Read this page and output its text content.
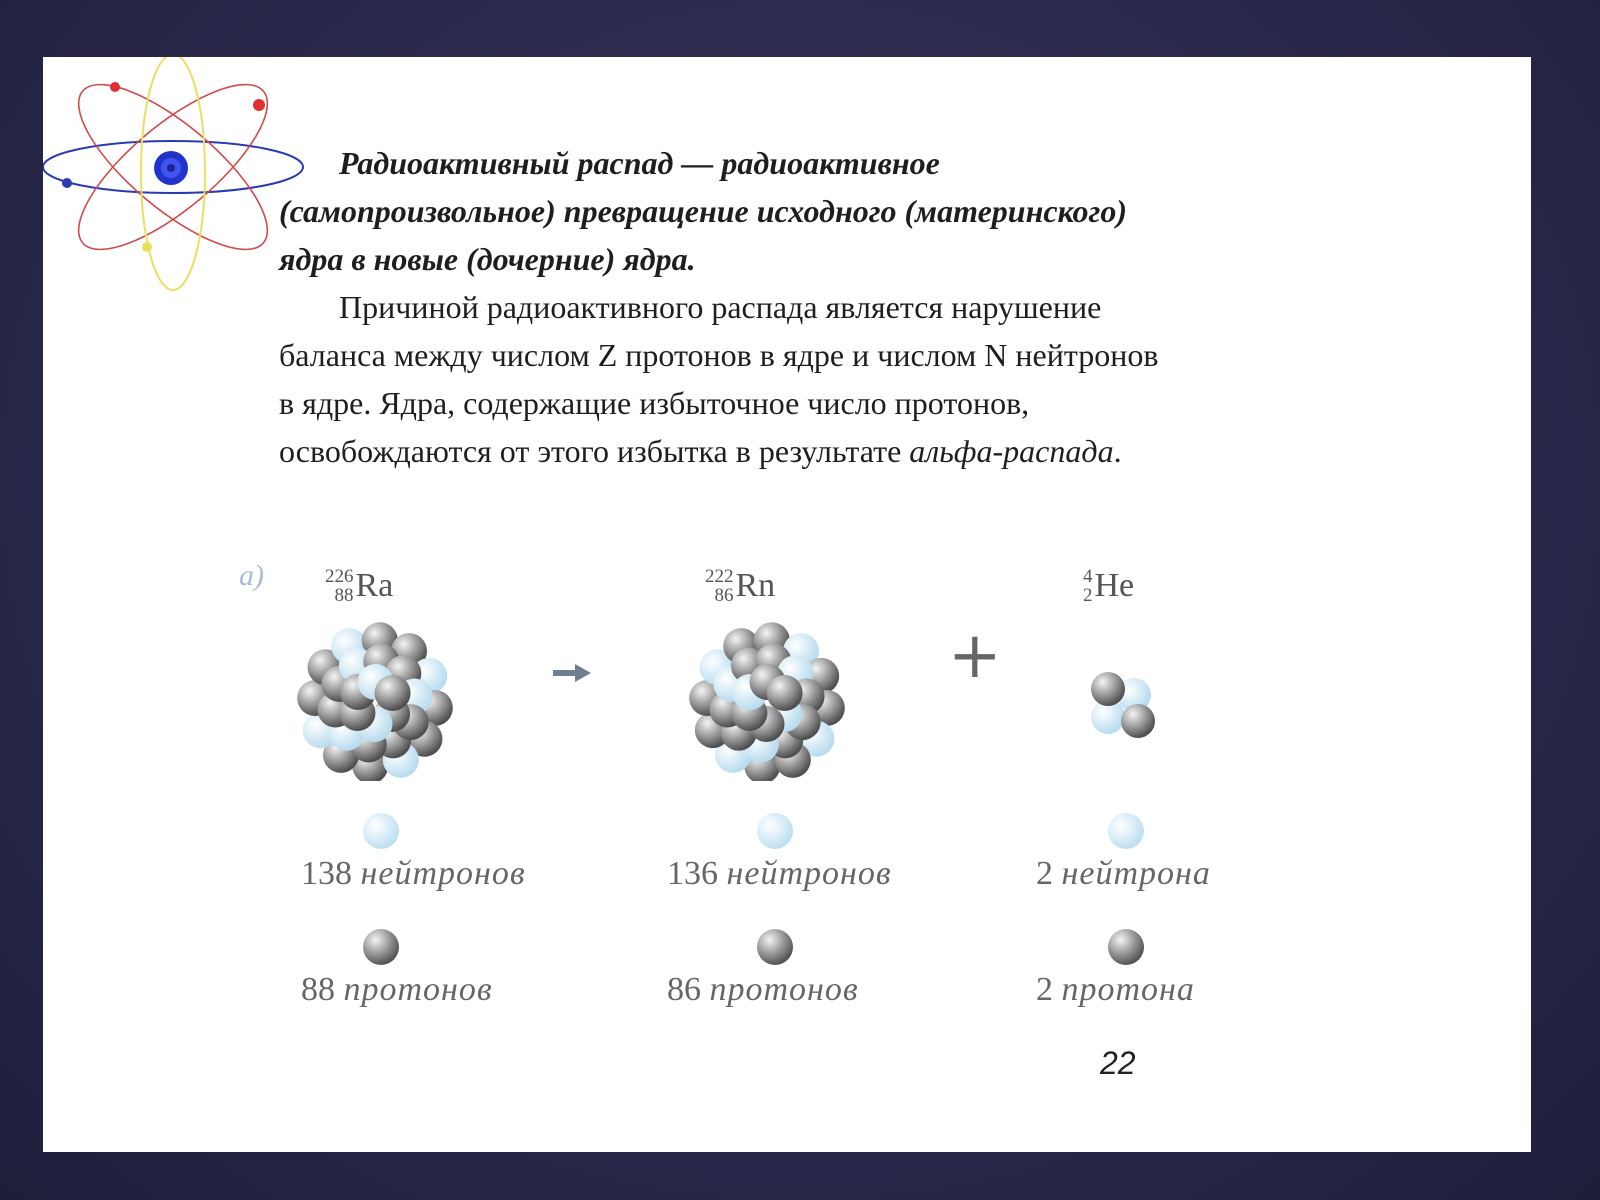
Радиоактивный распад — радиоактивное
(самопроизвольное) превращение исходного (материнского)
ядра в новые (дочерние) ядра.

Причиной радиоактивного распада является нарушение
баланса между числом Z протонов в ядре и числом N нейтронов
в ядре. Ядра, содержащие избыточное число протонов,
освобождаются от этого избытка в результате альфа-распада.

а)	226
88 Ra	222
86 Rn	4
2 He
+
138 нейтронов	136 нейтронов	2 нейтрона
88 протонов	86 протонов	2 протона
22
